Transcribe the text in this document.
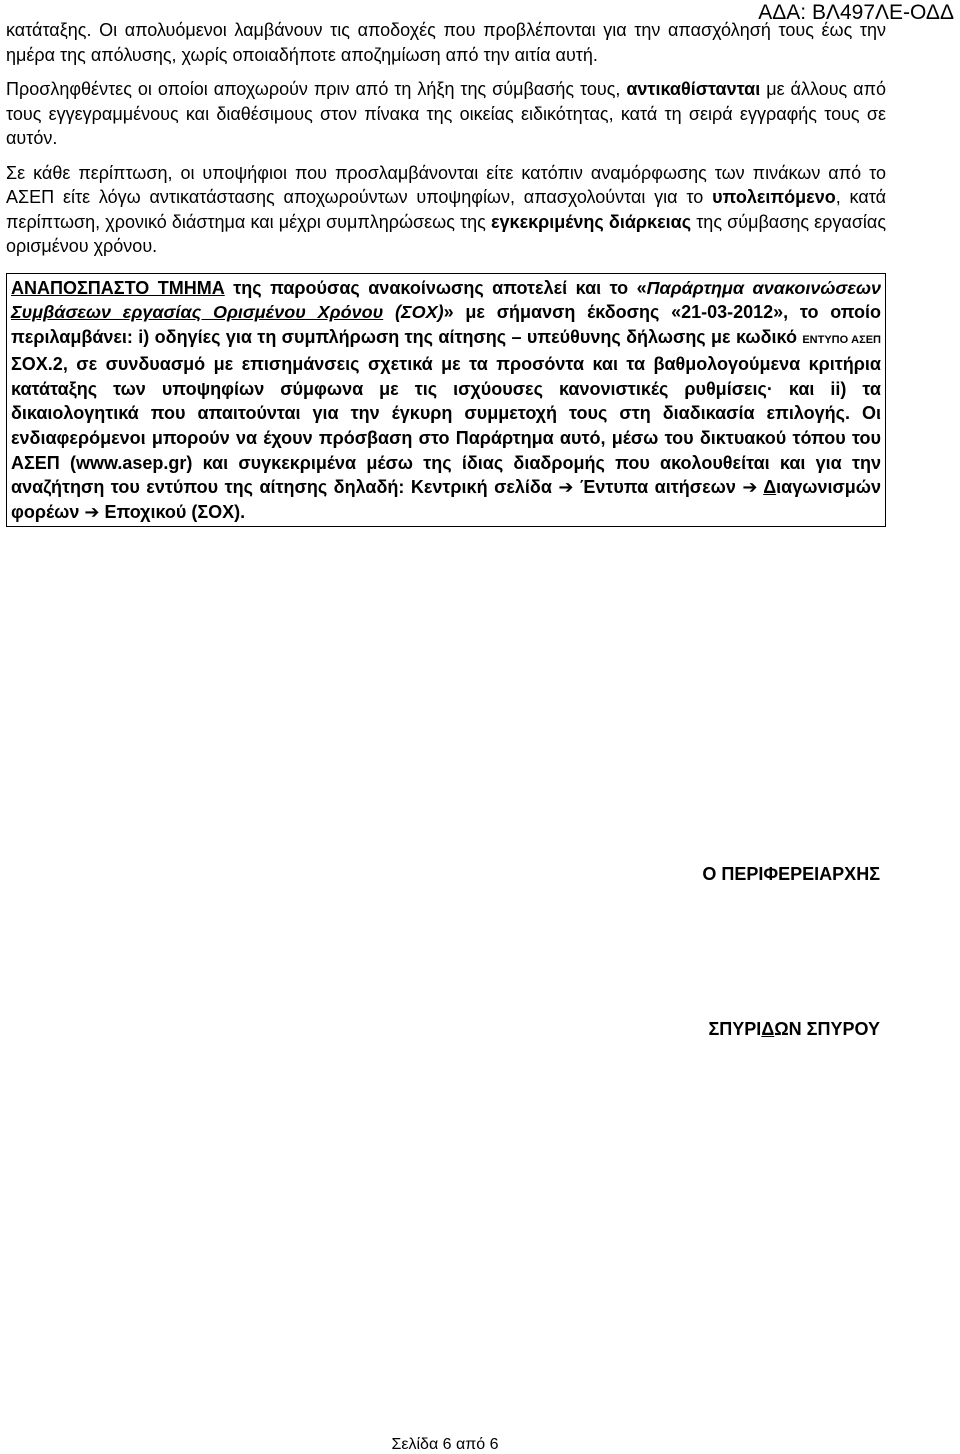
ΑΔΑ: ΒΛ497ΛΕ-ΟΔΔ

κατάταξης. Οι απολυόμενοι λαμβάνουν τις αποδοχές που προβλέπονται για την απασχόλησή τους έως την ημέρα της απόλυσης, χωρίς οποιαδήποτε αποζημίωση από την αιτία αυτή.

Προσληφθέντες οι οποίοι αποχωρούν πριν από τη λήξη της σύμβασής τους, αντικαθίστανται με άλλους από τους εγγεγραμμένους και διαθέσιμους στον πίνακα της οικείας ειδικότητας, κατά τη σειρά εγγραφής τους σε αυτόν.

Σε κάθε περίπτωση, οι υποψήφιοι που προσλαμβάνονται είτε κατόπιν αναμόρφωσης των πινάκων από το ΑΣΕΠ είτε λόγω αντικατάστασης αποχωρούντων υποψηφίων, απασχολούνται για το υπολειπόμενο, κατά περίπτωση, χρονικό διάστημα και μέχρι συμπληρώσεως της εγκεκριμένης διάρκειας της σύμβασης εργασίας ορισμένου χρόνου.

ΑΝΑΠΟΣΠΑΣΤΟ ΤΜΗΜΑ της παρούσας ανακοίνωσης αποτελεί και το «Παράρτημα ανακοινώσεων Συμβάσεων εργασίας Ορισμένου Χρόνου (ΣΟΧ)» με σήμανση έκδοσης «21-03-2012», το οποίο περιλαμβάνει: i) οδηγίες για τη συμπλήρωση της αίτησης – υπεύθυνης δήλωσης με κωδικό ΕΝΤΥΠΟ ΑΣΕΠ ΣΟΧ.2, σε συνδυασμό με επισημάνσεις σχετικά με τα προσόντα και τα βαθμολογούμενα κριτήρια κατάταξης των υποψηφίων σύμφωνα με τις ισχύουσες κανονιστικές ρυθμίσεις· και ii) τα δικαιολογητικά που απαιτούνται για την έγκυρη συμμετοχή τους στη διαδικασία επιλογής. Οι ενδιαφερόμενοι μπορούν να έχουν πρόσβαση στο Παράρτημα αυτό, μέσω του δικτυακού τόπου του ΑΣΕΠ (www.asep.gr) και συγκεκριμένα μέσω της ίδιας διαδρομής που ακολουθείται και για την αναζήτηση του εντύπου της αίτησης δηλαδή: Κεντρική σελίδα ➔ Έντυπα αιτήσεων ➔ Διαγωνισμών φορέων ➔ Εποχικού (ΣΟΧ).

Ο ΠΕΡΙΦΕΡΕΙΑΡΧΗΣ
ΣΠΥΡΙΔΩΝ ΣΠΥΡΟΥ
Σελίδα 6 από 6
